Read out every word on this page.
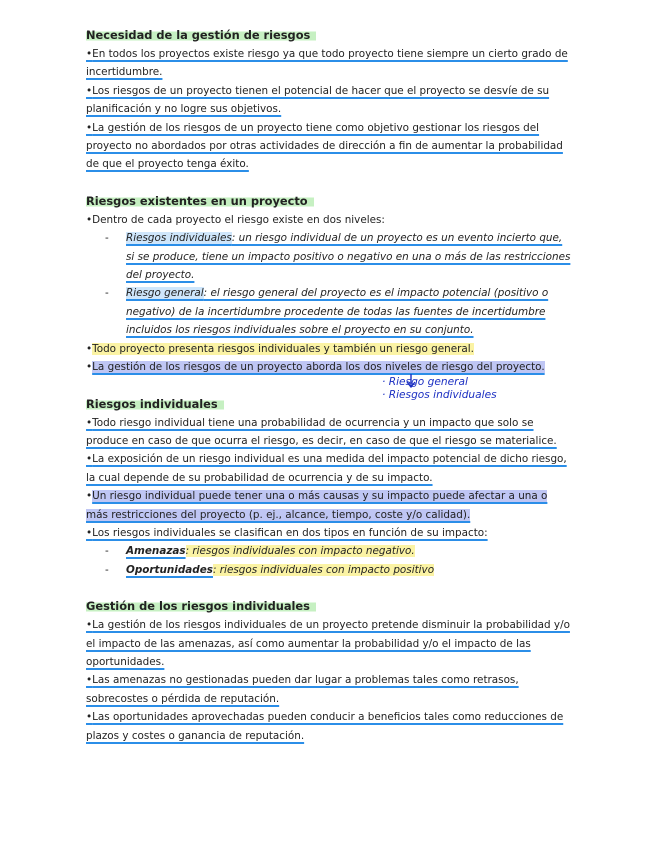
Necesidad de la gestión de riesgos

• En todos los proyectos existe riesgo ya que todo proyecto tiene siempre un cierto grado de incertidumbre.

• Los riesgos de un proyecto tienen el potencial de hacer que el proyecto se desvíe de su planificación y no logre sus objetivos.

• La gestión de los riesgos de un proyecto tiene como objetivo gestionar los riesgos del proyecto no abordados por otras actividades de dirección a fin de aumentar la probabilidad de que el proyecto tenga éxito.

Riesgos existentes en un proyecto

• Dentro de cada proyecto el riesgo existe en dos niveles:

- Riesgos individuales: un riesgo individual de un proyecto es un evento incierto que, si se produce, tiene un impacto positivo o negativo en una o más de las restricciones del proyecto.

- Riesgo general: el riesgo general del proyecto es el impacto potencial (positivo o negativo) de la incertidumbre procedente de todas las fuentes de incertidumbre incluidos los riesgos individuales sobre el proyecto en su conjunto.

• Todo proyecto presenta riesgos individuales y también un riesgo general.

• La gestión de los riesgos de un proyecto aborda los dos niveles de riesgo del proyecto.

Riesgos individuales

• Todo riesgo individual tiene una probabilidad de ocurrencia y un impacto que solo se produce en caso de que ocurra el riesgo, es decir, en caso de que el riesgo se materialice.

• La exposición de un riesgo individual es una medida del impacto potencial de dicho riesgo, la cual depende de su probabilidad de ocurrencia y de su impacto.

• Un riesgo individual puede tener una o más causas y su impacto puede afectar a una o más restricciones del proyecto (p. ej., alcance, tiempo, coste y/o calidad).

• Los riesgos individuales se clasifican en dos tipos en función de su impacto:

- Amenazas: riesgos individuales con impacto negativo.

- Oportunidades: riesgos individuales con impacto positivo

Gestión de los riesgos individuales

• La gestión de los riesgos individuales de un proyecto pretende disminuir la probabilidad y/o el impacto de las amenazas, así como aumentar la probabilidad y/o el impacto de las oportunidades.

• Las amenazas no gestionadas pueden dar lugar a problemas tales como retrasos, sobrecostes o pérdida de reputación.

• Las oportunidades aprovechadas pueden conducir a beneficios tales como reducciones de plazos y costes o ganancia de reputación.

· Riesgo general
· Riesgos individuales
